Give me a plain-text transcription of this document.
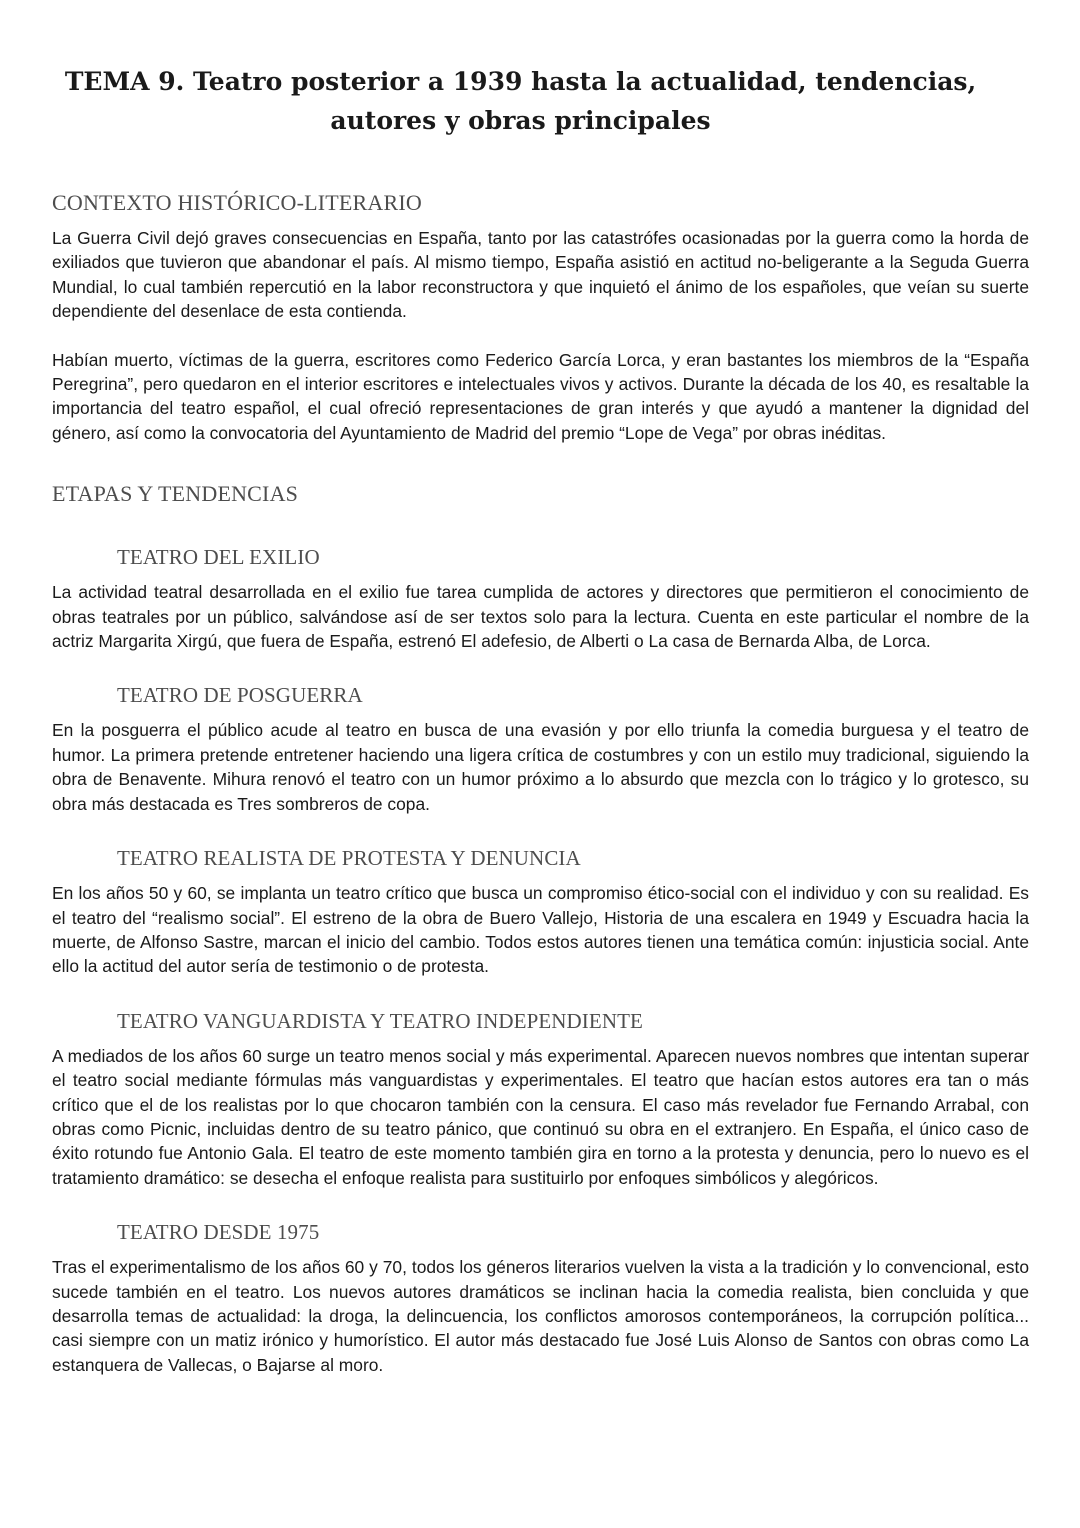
TEMA 9. Teatro posterior a 1939 hasta la actualidad, tendencias,
autores y obras principales
CONTEXTO HISTÓRICO-LITERARIO

La Guerra Civil dejó graves consecuencias en España, tanto por las catastrófes ocasionadas por la guerra como la horda de exiliados que tuvieron que abandonar el país. Al mismo tiempo, España asistió en actitud no-beligerante a la Seguda Guerra Mundial, lo cual también repercutió en la labor reconstructora y que inquietó el ánimo de los españoles, que veían su suerte dependiente del desenlace de esta contienda.

Habían muerto, víctimas de la guerra, escritores como Federico García Lorca, y eran bastantes los miembros de la “España Peregrina”, pero quedaron en el interior escritores e intelectuales vivos y activos. Durante la década de los 40, es resaltable la importancia del teatro español, el cual ofreció representaciones de gran interés y que ayudó a mantener la dignidad del género, así como la convocatoria del Ayuntamiento de Madrid del premio “Lope de Vega” por obras inéditas.

ETAPAS Y TENDENCIAS
TEATRO DEL EXILIO

La actividad teatral desarrollada en el exilio fue tarea cumplida de actores y directores que permitieron el conocimiento de obras teatrales por un público, salvándose así de ser textos solo para la lectura. Cuenta en este particular el nombre de la actriz Margarita Xirgú, que fuera de España, estrenó El adefesio, de Alberti o La casa de Bernarda Alba, de Lorca.

TEATRO DE POSGUERRA

En la posguerra el público acude al teatro en busca de una evasión y por ello triunfa la comedia burguesa y el teatro de humor. La primera pretende entretener haciendo una ligera crítica de costumbres y con un estilo muy tradicional, siguiendo la obra de Benavente. Mihura renovó el teatro con un humor próximo a lo absurdo que mezcla con lo trágico y lo grotesco, su obra más destacada es Tres sombreros de copa.

TEATRO REALISTA DE PROTESTA Y DENUNCIA

En los años 50 y 60, se implanta un teatro crítico que busca un compromiso ético-social con el individuo y con su realidad. Es el teatro del “realismo social”. El estreno de la obra de Buero Vallejo, Historia de una escalera en 1949 y Escuadra hacia la muerte, de Alfonso Sastre, marcan el inicio del cambio. Todos estos autores tienen una temática común: injusticia social. Ante ello la actitud del autor sería de testimonio o de protesta.

TEATRO VANGUARDISTA Y TEATRO INDEPENDIENTE

A mediados de los años 60 surge un teatro menos social y más experimental. Aparecen nuevos nombres que intentan superar el teatro social mediante fórmulas más vanguardistas y experimentales. El teatro que hacían estos autores era tan o más crítico que el de los realistas por lo que chocaron también con la censura. El caso más revelador fue Fernando Arrabal, con obras como Picnic, incluidas dentro de su teatro pánico, que continuó su obra en el extranjero. En España, el único caso de éxito rotundo fue Antonio Gala. El teatro de este momento también gira en torno a la protesta y denuncia, pero lo nuevo es el tratamiento dramático: se desecha el enfoque realista para sustituirlo por enfoques simbólicos y alegóricos.

TEATRO DESDE 1975

Tras el experimentalismo de los años 60 y 70, todos los géneros literarios vuelven la vista a la tradición y lo convencional, esto sucede también en el teatro. Los nuevos autores dramáticos se inclinan hacia la comedia realista, bien concluida y que desarrolla temas de actualidad: la droga, la delincuencia, los conflictos amorosos contemporáneos, la corrupción política... casi siempre con un matiz irónico y humorístico. El autor más destacado fue José Luis Alonso de Santos con obras como La estanquera de Vallecas, o Bajarse al moro.
